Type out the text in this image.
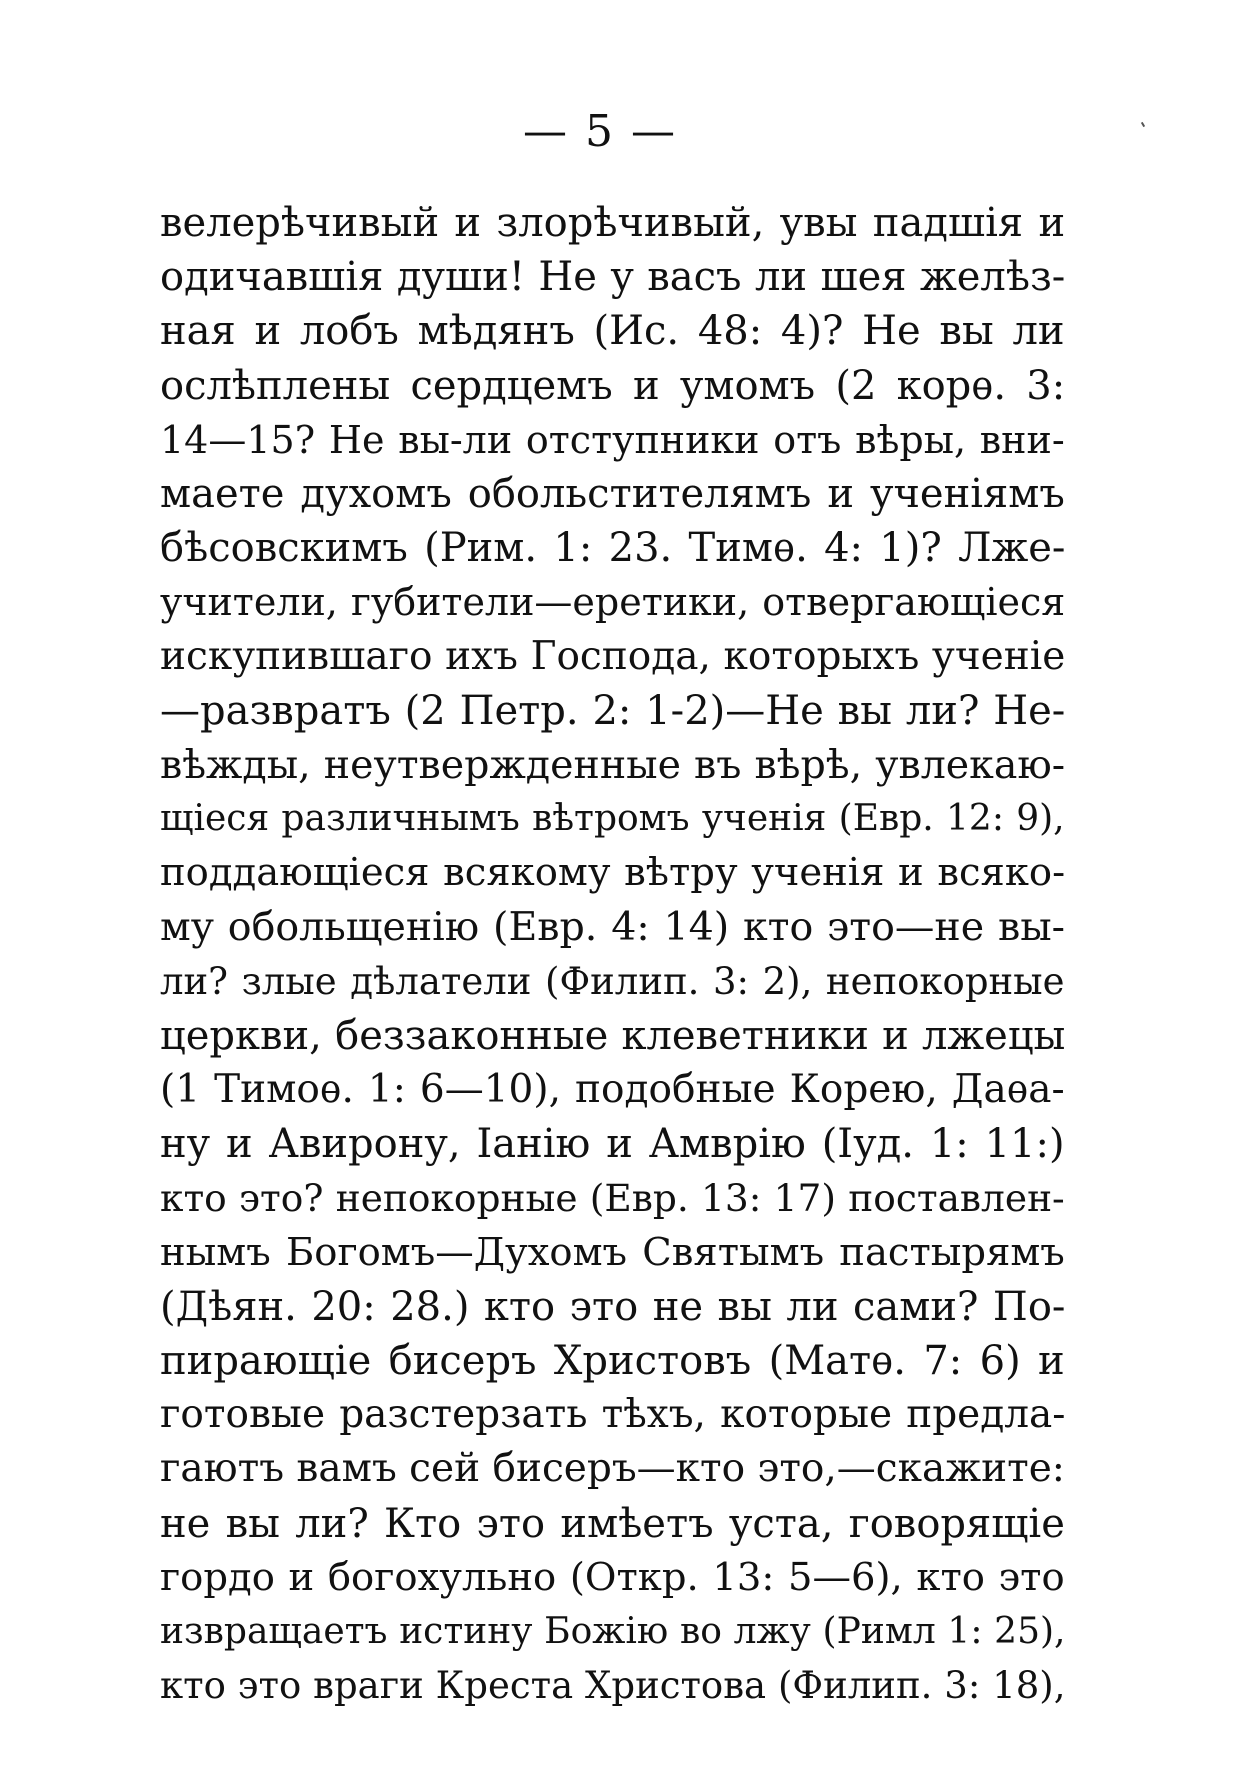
— 5 —
велерѣчивый и злорѣчивый, увы падшія и
одичавшія души! Не у васъ ли шея желѣз-
ная и лобъ мѣдянъ (Ис. 48: 4)? Не вы ли
ослѣплены сердцемъ и умомъ (2 корѳ. 3:
14—15? Не вы-ли отступники отъ вѣры, вни-
маете духомъ обольстителямъ и ученіямъ
бѣсовскимъ (Рим. 1: 23. Тимѳ. 4: 1)? Лже-
учители, губители—еретики, отвергающіеся
искупившаго ихъ Господа, которыхъ ученіе
—развратъ (2 Петр. 2: 1-2)—Не вы ли? Не-
вѣжды, неутвержденные въ вѣрѣ, увлекаю-
щіеся различнымъ вѣтромъ ученія (Евр. 12: 9),
поддающіеся всякому вѣтру ученія и всяко-
му обольщенію (Евр. 4: 14) кто это—не вы-
ли? злые дѣлатели (Филип. 3: 2), непокорные
церкви, беззаконные клеветники и лжецы
(1 Тимоѳ. 1: 6—10), подобные Корею, Даѳа-
ну и Авирону, Іанію и Амврію (Іуд. 1: 11:)
кто это? непокорные (Евр. 13: 17) поставлен-
нымъ Богомъ—Духомъ Святымъ пастырямъ
(Дѣян. 20: 28.) кто это не вы ли сами? По-
пирающіе бисеръ Христовъ (Матѳ. 7: 6) и
готовые разстерзать тѣхъ, которые предла-
гаютъ вамъ сей бисеръ—кто это,—скажите:
не вы ли? Кто это имѣетъ уста, говорящіе
гордо и богохульно (Откр. 13: 5—6), кто это
извращаетъ истину Божію во лжу (Римл 1: 25),
кто это враги Креста Христова (Филип. 3: 18),
